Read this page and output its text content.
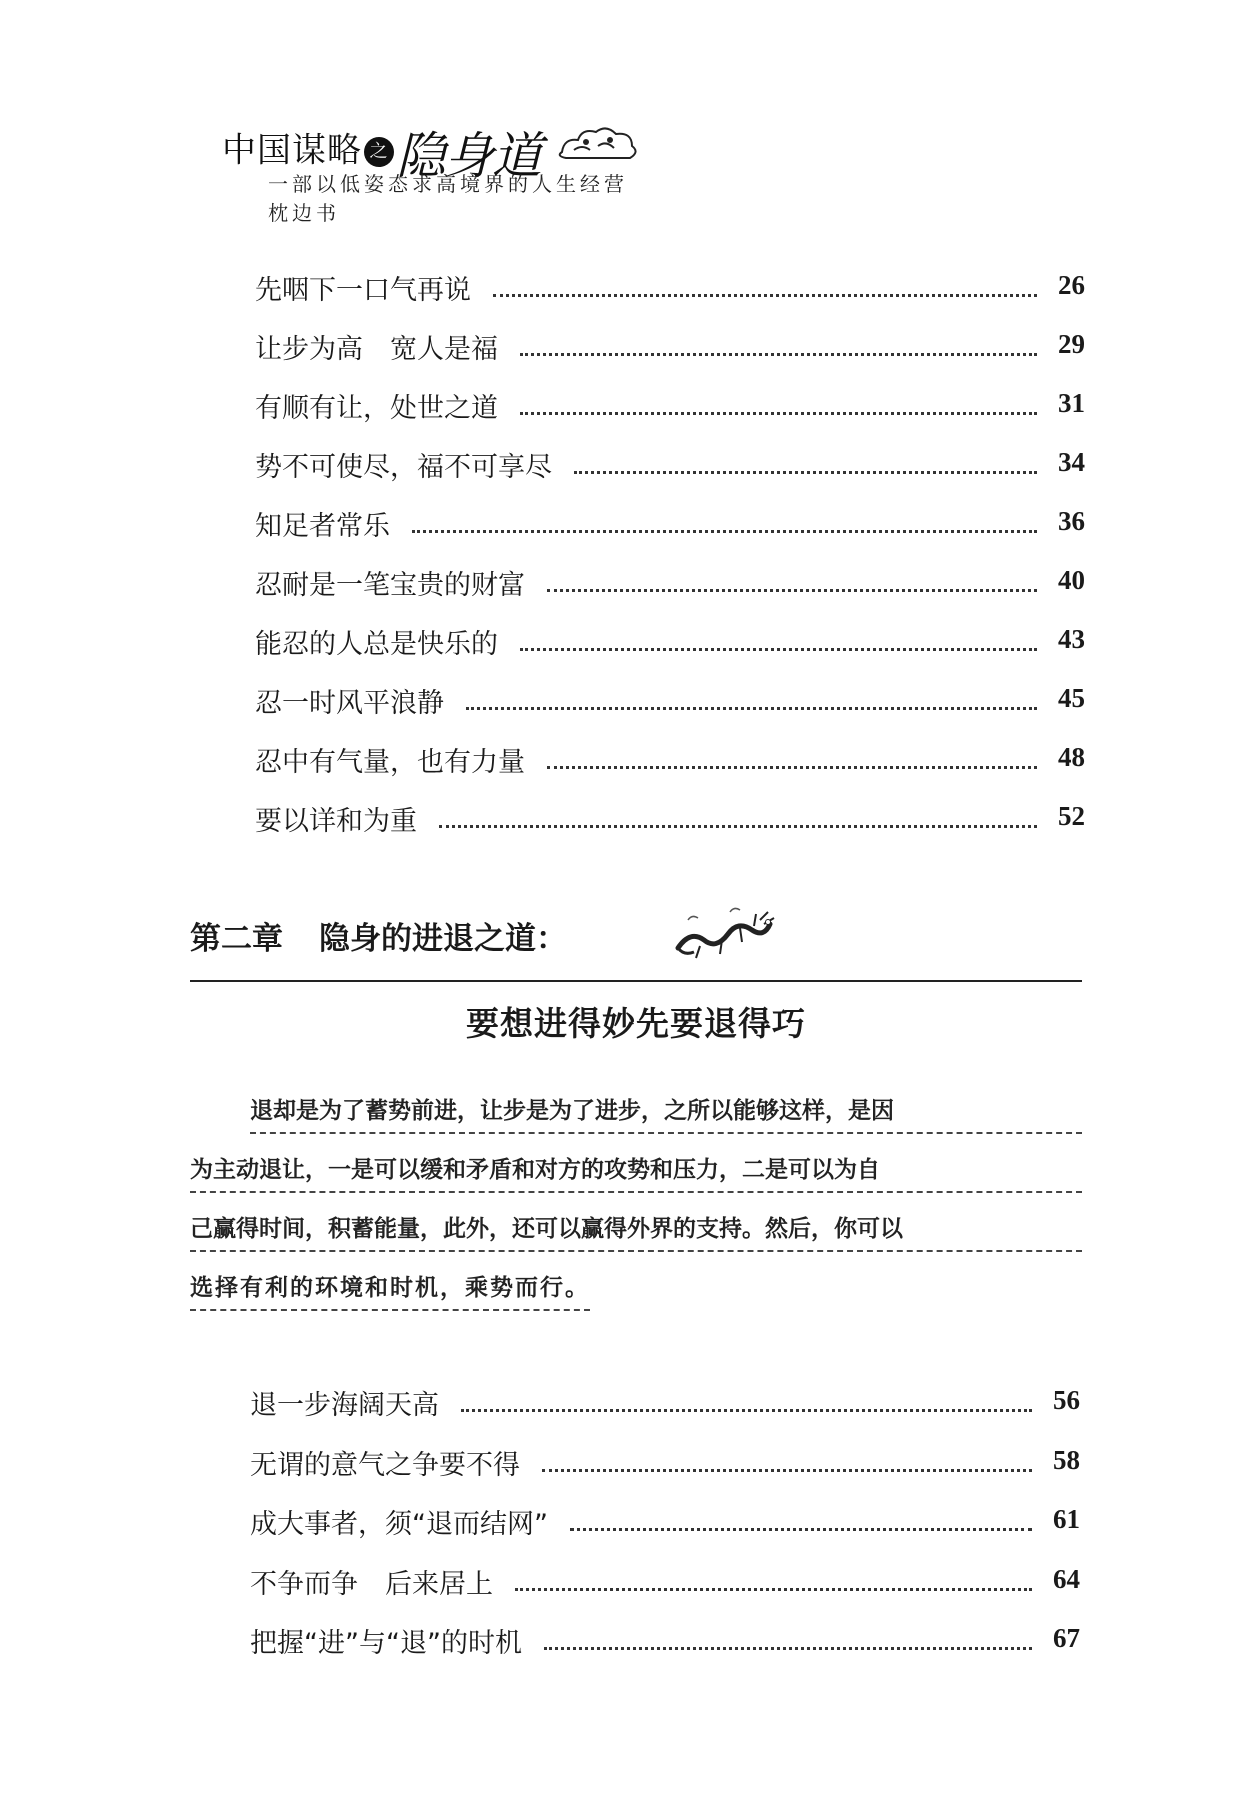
中国谋略 之 隐身道
一部以低姿态求高境界的人生经营枕边书
先咽下一口气再说	26
让步为高　宽人是福	29
有顺有让，处世之道	31
势不可使尽，福不可享尽	34
知足者常乐	36
忍耐是一笔宝贵的财富	40
能忍的人总是快乐的	43
忍一时风平浪静	45
忍中有气量，也有力量	48
要以详和为重	52
第二章 隐身的进退之道：
要想进得妙先要退得巧
退却是为了蓄势前进，让步是为了进步，之所以能够这样，是因
为主动退让，一是可以缓和矛盾和对方的攻势和压力，二是可以为自
己赢得时间，积蓄能量，此外，还可以赢得外界的支持。然后，你可以
选择有利的环境和时机，乘势而行。
退一步海阔天高	56
无谓的意气之争要不得	58
成大事者，须“退而结网”	61
不争而争　后来居上	64
把握“进”与“退”的时机	67
